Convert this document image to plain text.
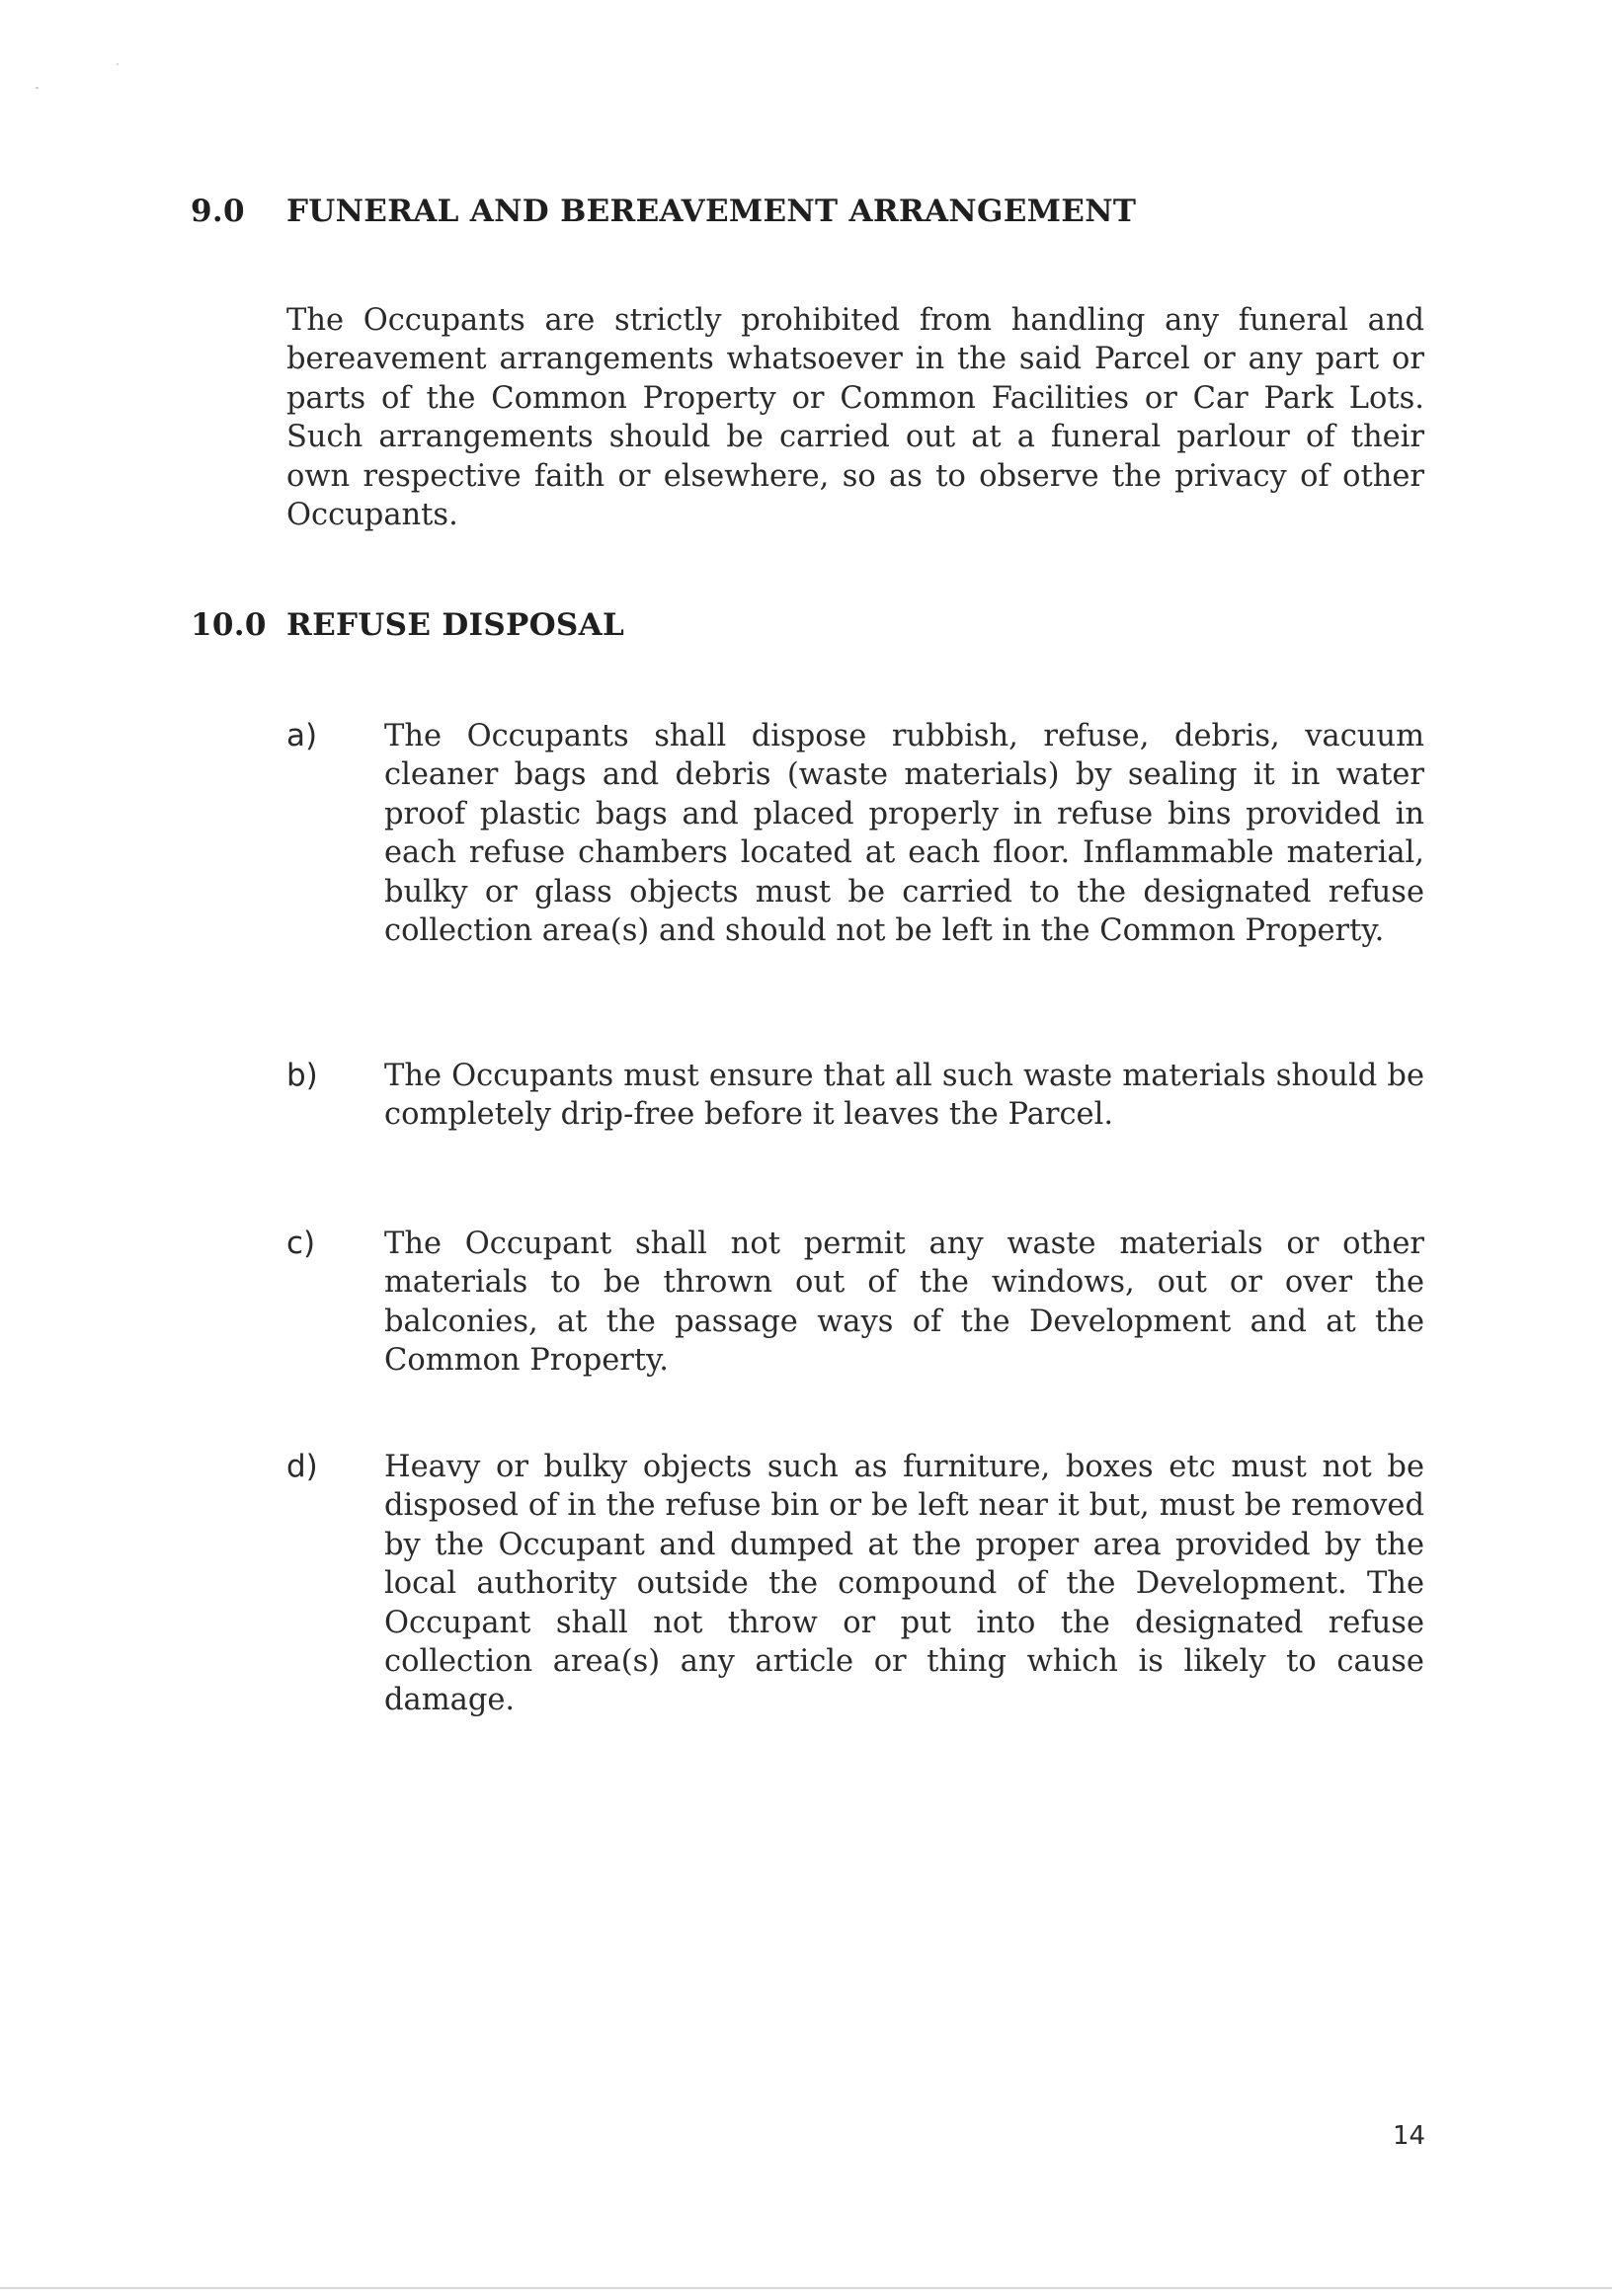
9.0 FUNERAL AND BEREAVEMENT ARRANGEMENT

The Occupants are strictly prohibited from handling any funeral and bereavement arrangements whatsoever in the said Parcel or any part or parts of the Common Property or Common Facilities or Car Park Lots. Such arrangements should be carried out at a funeral parlour of their own respective faith or elsewhere, so as to observe the privacy of other Occupants.

10.0 REFUSE DISPOSAL
a) The Occupants shall dispose rubbish, refuse, debris, vacuum cleaner bags and debris (waste materials) by sealing it in water proof plastic bags and placed properly in refuse bins provided in each refuse chambers located at each floor. Inflammable material, bulky or glass objects must be carried to the designated refuse collection area(s) and should not be left in the Common Property.

b) The Occupants must ensure that all such waste materials should be completely drip-free before it leaves the Parcel.

c) The Occupant shall not permit any waste materials or other materials to be thrown out of the windows, out or over the balconies, at the passage ways of the Development and at the Common Property.

d) Heavy or bulky objects such as furniture, boxes etc must not be disposed of in the refuse bin or be left near it but, must be removed by the Occupant and dumped at the proper area provided by the local authority outside the compound of the Development. The Occupant shall not throw or put into the designated refuse collection area(s) any article or thing which is likely to cause damage.

14
